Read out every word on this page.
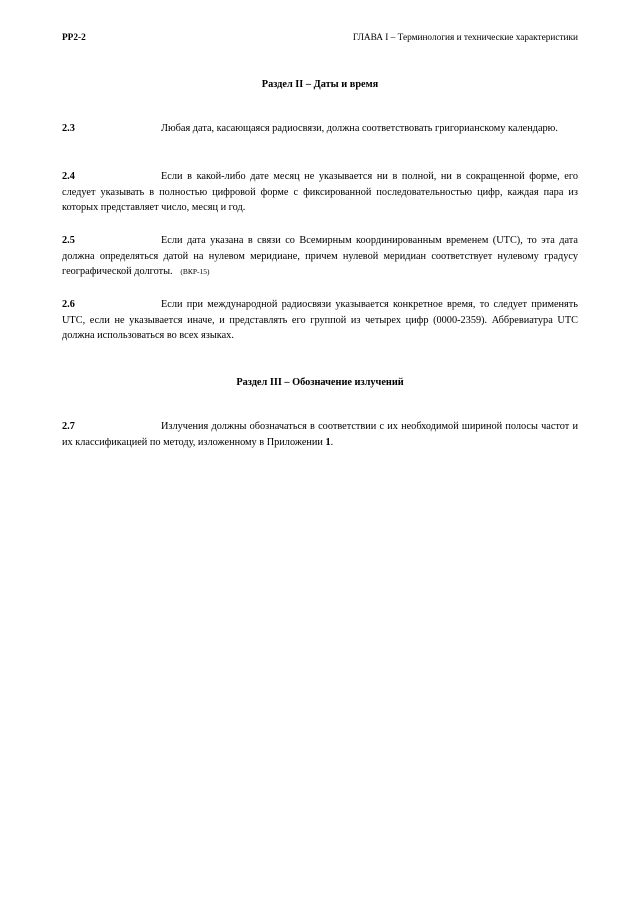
РР2-2	ГЛАВА I – Терминология и технические характеристики
Раздел II – Даты и время
2.3	Любая дата, касающаяся радиосвязи, должна соответствовать григорианскому календарю.
2.4	Если в какой-либо дате месяц не указывается ни в полной, ни в сокращенной форме, его следует указывать в полностью цифровой форме с фиксированной последовательностью цифр, каждая пара из которых представляет число, месяц и год.
2.5	Если дата указана в связи со Всемирным координированным временем (UTC), то эта дата должна определяться датой на нулевом меридиане, причем нулевой меридиан соответствует нулевому градусу географической долготы. (ВКР-15)
2.6	Если при международной радиосвязи указывается конкретное время, то следует применять UTC, если не указывается иначе, и представлять его группой из четырех цифр (0000-2359). Аббревиатура UTC должна использоваться во всех языках.
Раздел III – Обозначение излучений
2.7	Излучения должны обозначаться в соответствии с их необходимой шириной полосы частот и их классификацией по методу, изложенному в Приложении 1.
